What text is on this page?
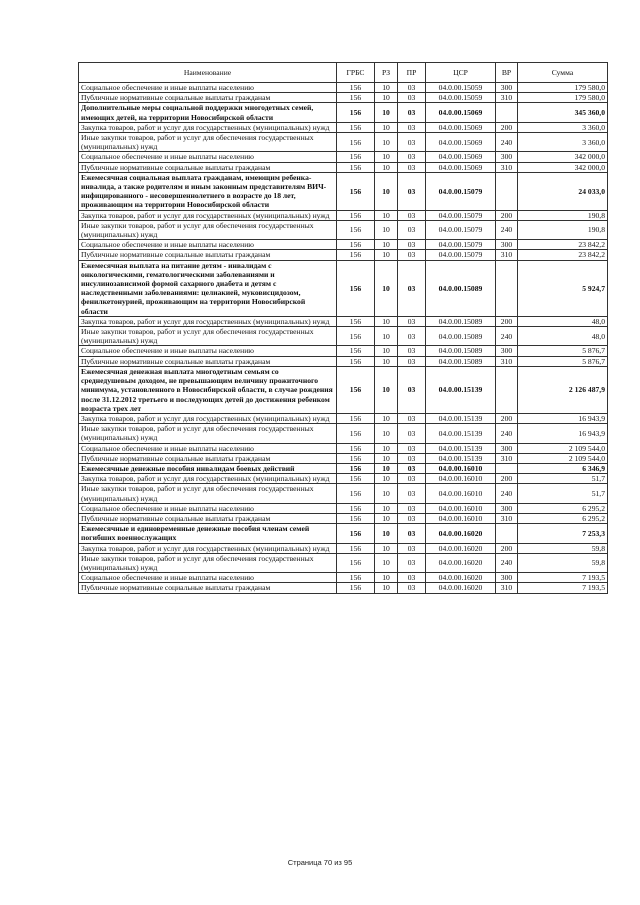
Наименование	ГРБС	РЗ	ПР	ЦСР	ВР	Сумма
Социальное обеспечение и иные выплаты населению	156	10	03	04.0.00.15059	300	179 580,0
Публичные нормативные социальные выплаты гражданам	156	10	03	04.0.00.15059	310	179 580,0
Дополнительные меры социальной поддержки многодетных семей, имеющих детей, на территории Новосибирской области	156	10	03	04.0.00.15069		345 360,0
Закупка товаров, работ и услуг для государственных (муниципальных) нужд	156	10	03	04.0.00.15069	200	3 360,0
Иные закупки товаров, работ и услуг для обеспечения государственных (муниципальных) нужд	156	10	03	04.0.00.15069	240	3 360,0
Социальное обеспечение и иные выплаты населению	156	10	03	04.0.00.15069	300	342 000,0
Публичные нормативные социальные выплаты гражданам	156	10	03	04.0.00.15069	310	342 000,0
Ежемесячная социальная выплата гражданам, имеющим ребенка-инвалида, а также родителям и иным законным представителям ВИЧ-инфицированного - несовершеннолетнего в возрасте до 18 лет, проживающим на территории Новосибирской области	156	10	03	04.0.00.15079		24 033,0
Закупка товаров, работ и услуг для государственных (муниципальных) нужд	156	10	03	04.0.00.15079	200	190,8
Иные закупки товаров, работ и услуг для обеспечения государственных (муниципальных) нужд	156	10	03	04.0.00.15079	240	190,8
Социальное обеспечение и иные выплаты населению	156	10	03	04.0.00.15079	300	23 842,2
Публичные нормативные социальные выплаты гражданам	156	10	03	04.0.00.15079	310	23 842,2
Ежемесячная выплата на питание детям - инвалидам с онкологическими, гематологическими заболеваниями и инсулинозависимой формой сахарного диабета и детям с наследственными заболеваниями: целиакией, муковисцидозом, фенилкетонурией, проживающим на территории Новосибирской области	156	10	03	04.0.00.15089		5 924,7
Закупка товаров, работ и услуг для государственных (муниципальных) нужд	156	10	03	04.0.00.15089	200	48,0
Иные закупки товаров, работ и услуг для обеспечения государственных (муниципальных) нужд	156	10	03	04.0.00.15089	240	48,0
Социальное обеспечение и иные выплаты населению	156	10	03	04.0.00.15089	300	5 876,7
Публичные нормативные социальные выплаты гражданам	156	10	03	04.0.00.15089	310	5 876,7
Ежемесячная денежная выплата многодетным семьям со среднедушевым доходом, не превышающим величину прожиточного минимума, установленного в Новосибирской области, в случае рождения после 31.12.2012 третьего и последующих детей до достижения ребенком возраста трех лет	156	10	03	04.0.00.15139		2 126 487,9
Закупка товаров, работ и услуг для государственных (муниципальных) нужд	156	10	03	04.0.00.15139	200	16 943,9
Иные закупки товаров, работ и услуг для обеспечения государственных (муниципальных) нужд	156	10	03	04.0.00.15139	240	16 943,9
Социальное обеспечение и иные выплаты населению	156	10	03	04.0.00.15139	300	2 109 544,0
Публичные нормативные социальные выплаты гражданам	156	10	03	04.0.00.15139	310	2 109 544,0
Ежемесячные денежные пособия инвалидам боевых действий	156	10	03	04.0.00.16010		6 346,9
Закупка товаров, работ и услуг для государственных (муниципальных) нужд	156	10	03	04.0.00.16010	200	51,7
Иные закупки товаров, работ и услуг для обеспечения государственных (муниципальных) нужд	156	10	03	04.0.00.16010	240	51,7
Социальное обеспечение и иные выплаты населению	156	10	03	04.0.00.16010	300	6 295,2
Публичные нормативные социальные выплаты гражданам	156	10	03	04.0.00.16010	310	6 295,2
Ежемесячные и единовременные денежные пособия членам семей погибших военнослужащих	156	10	03	04.0.00.16020		7 253,3
Закупка товаров, работ и услуг для государственных (муниципальных) нужд	156	10	03	04.0.00.16020	200	59,8
Иные закупки товаров, работ и услуг для обеспечения государственных (муниципальных) нужд	156	10	03	04.0.00.16020	240	59,8
Социальное обеспечение и иные выплаты населению	156	10	03	04.0.00.16020	300	7 193,5
Публичные нормативные социальные выплаты гражданам	156	10	03	04.0.00.16020	310	7 193,5
Страница 70 из 95
